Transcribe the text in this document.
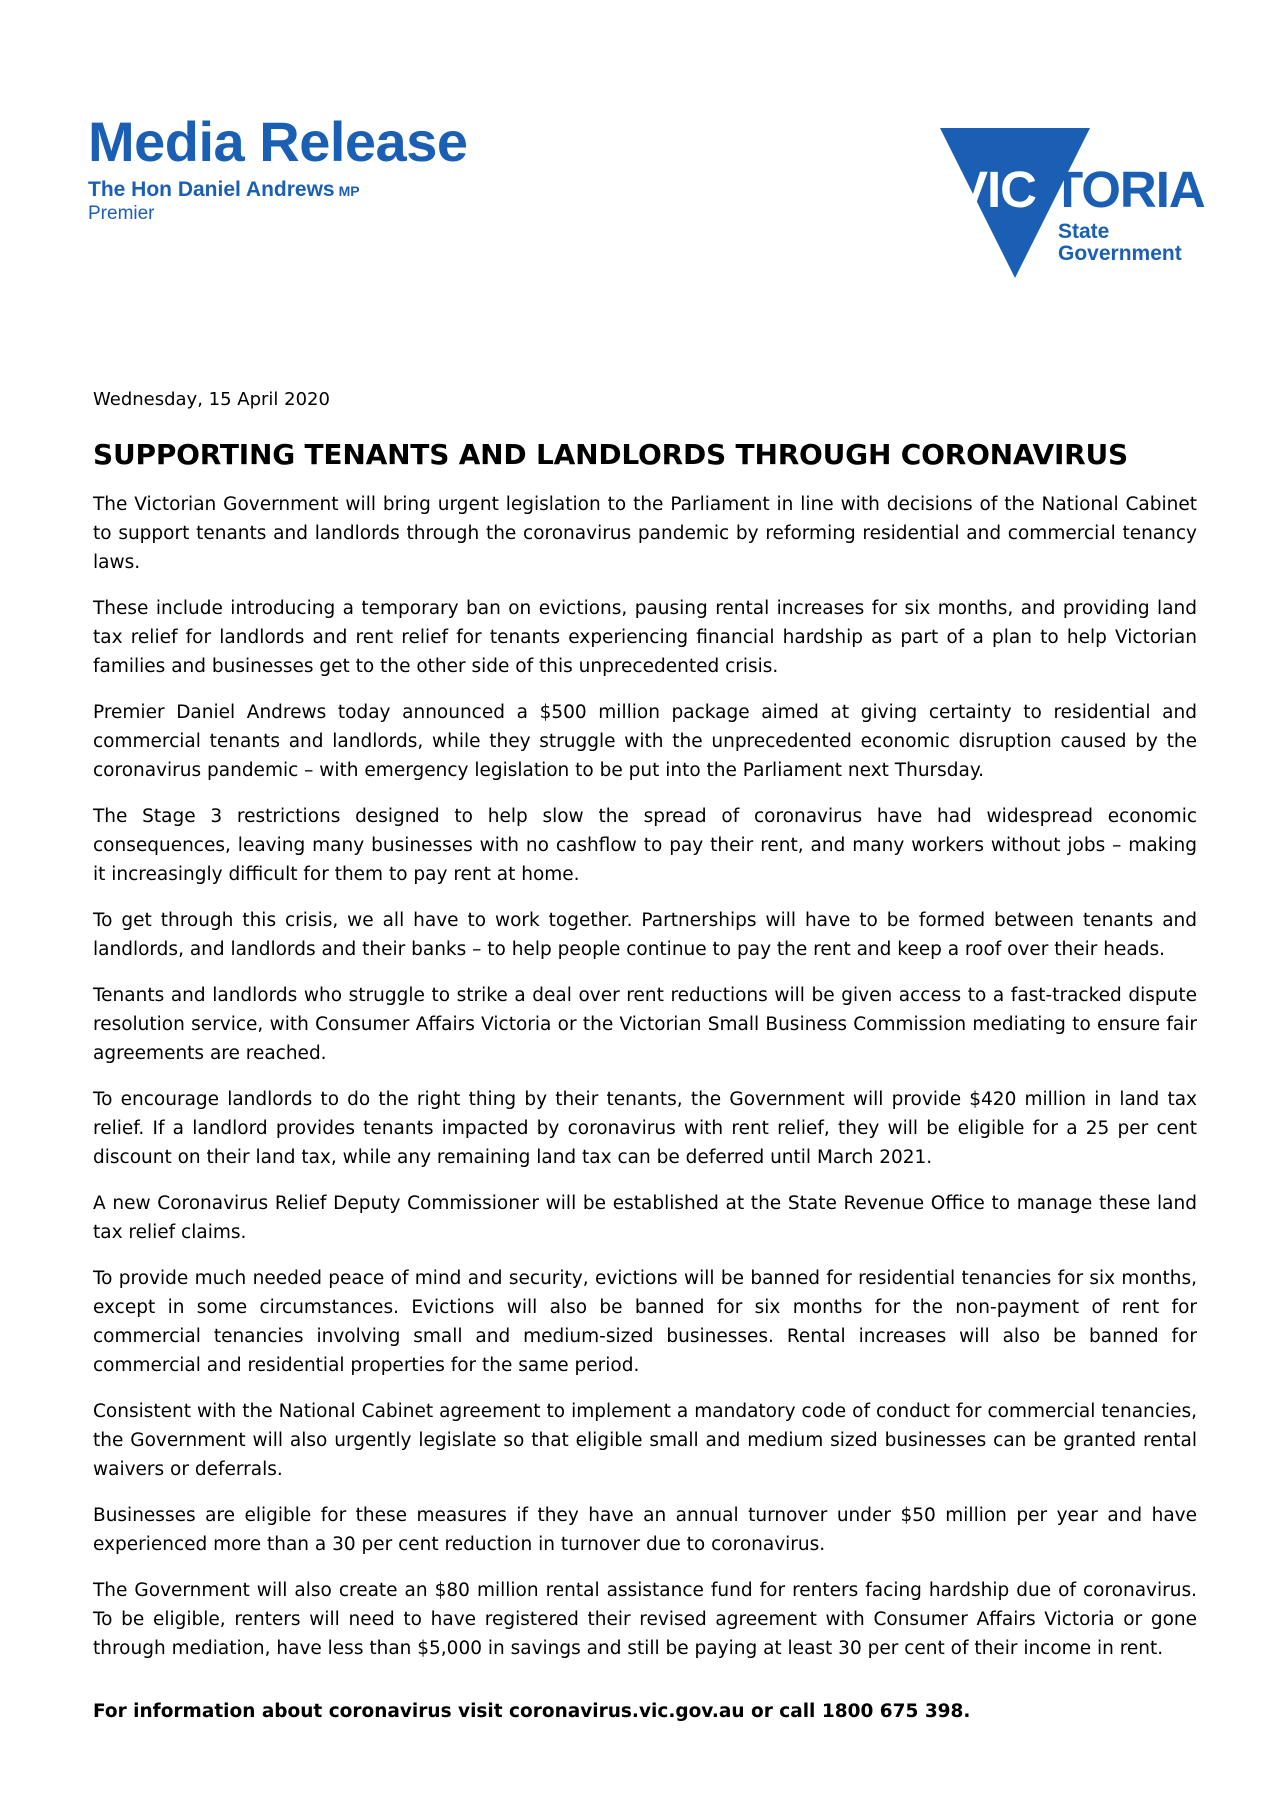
Media Release
The Hon Daniel Andrews MP
Premier	VIC TORIA
State
Government
Wednesday, 15 April 2020
SUPPORTING TENANTS AND LANDLORDS THROUGH CORONAVIRUS

The Victorian Government will bring urgent legislation to the Parliament in line with decisions of the National Cabinet to support tenants and landlords through the coronavirus pandemic by reforming residential and commercial tenancy laws.

These include introducing a temporary ban on evictions, pausing rental increases for six months, and providing land tax relief for landlords and rent relief for tenants experiencing financial hardship as part of a plan to help Victorian families and businesses get to the other side of this unprecedented crisis.

Premier Daniel Andrews today announced a $500 million package aimed at giving certainty to residential and commercial tenants and landlords, while they struggle with the unprecedented economic disruption caused by the coronavirus pandemic – with emergency legislation to be put into the Parliament next Thursday.

The Stage 3 restrictions designed to help slow the spread of coronavirus have had widespread economic consequences, leaving many businesses with no cashflow to pay their rent, and many workers without jobs – making it increasingly difficult for them to pay rent at home.

To get through this crisis, we all have to work together. Partnerships will have to be formed between tenants and landlords, and landlords and their banks – to help people continue to pay the rent and keep a roof over their heads.

Tenants and landlords who struggle to strike a deal over rent reductions will be given access to a fast-tracked dispute resolution service, with Consumer Affairs Victoria or the Victorian Small Business Commission mediating to ensure fair agreements are reached.

To encourage landlords to do the right thing by their tenants, the Government will provide $420 million in land tax relief. If a landlord provides tenants impacted by coronavirus with rent relief, they will be eligible for a 25 per cent discount on their land tax, while any remaining land tax can be deferred until March 2021.

A new Coronavirus Relief Deputy Commissioner will be established at the State Revenue Office to manage these land tax relief claims.

To provide much needed peace of mind and security, evictions will be banned for residential tenancies for six months, except in some circumstances. Evictions will also be banned for six months for the non-payment of rent for commercial tenancies involving small and medium-sized businesses. Rental increases will also be banned for commercial and residential properties for the same period.

Consistent with the National Cabinet agreement to implement a mandatory code of conduct for commercial tenancies, the Government will also urgently legislate so that eligible small and medium sized businesses can be granted rental waivers or deferrals.

Businesses are eligible for these measures if they have an annual turnover under $50 million per year and have experienced more than a 30 per cent reduction in turnover due to coronavirus.

The Government will also create an $80 million rental assistance fund for renters facing hardship due of coronavirus. To be eligible, renters will need to have registered their revised agreement with Consumer Affairs Victoria or gone through mediation, have less than $5,000 in savings and still be paying at least 30 per cent of their income in rent.

For information about coronavirus visit coronavirus.vic.gov.au or call 1800 675 398.
